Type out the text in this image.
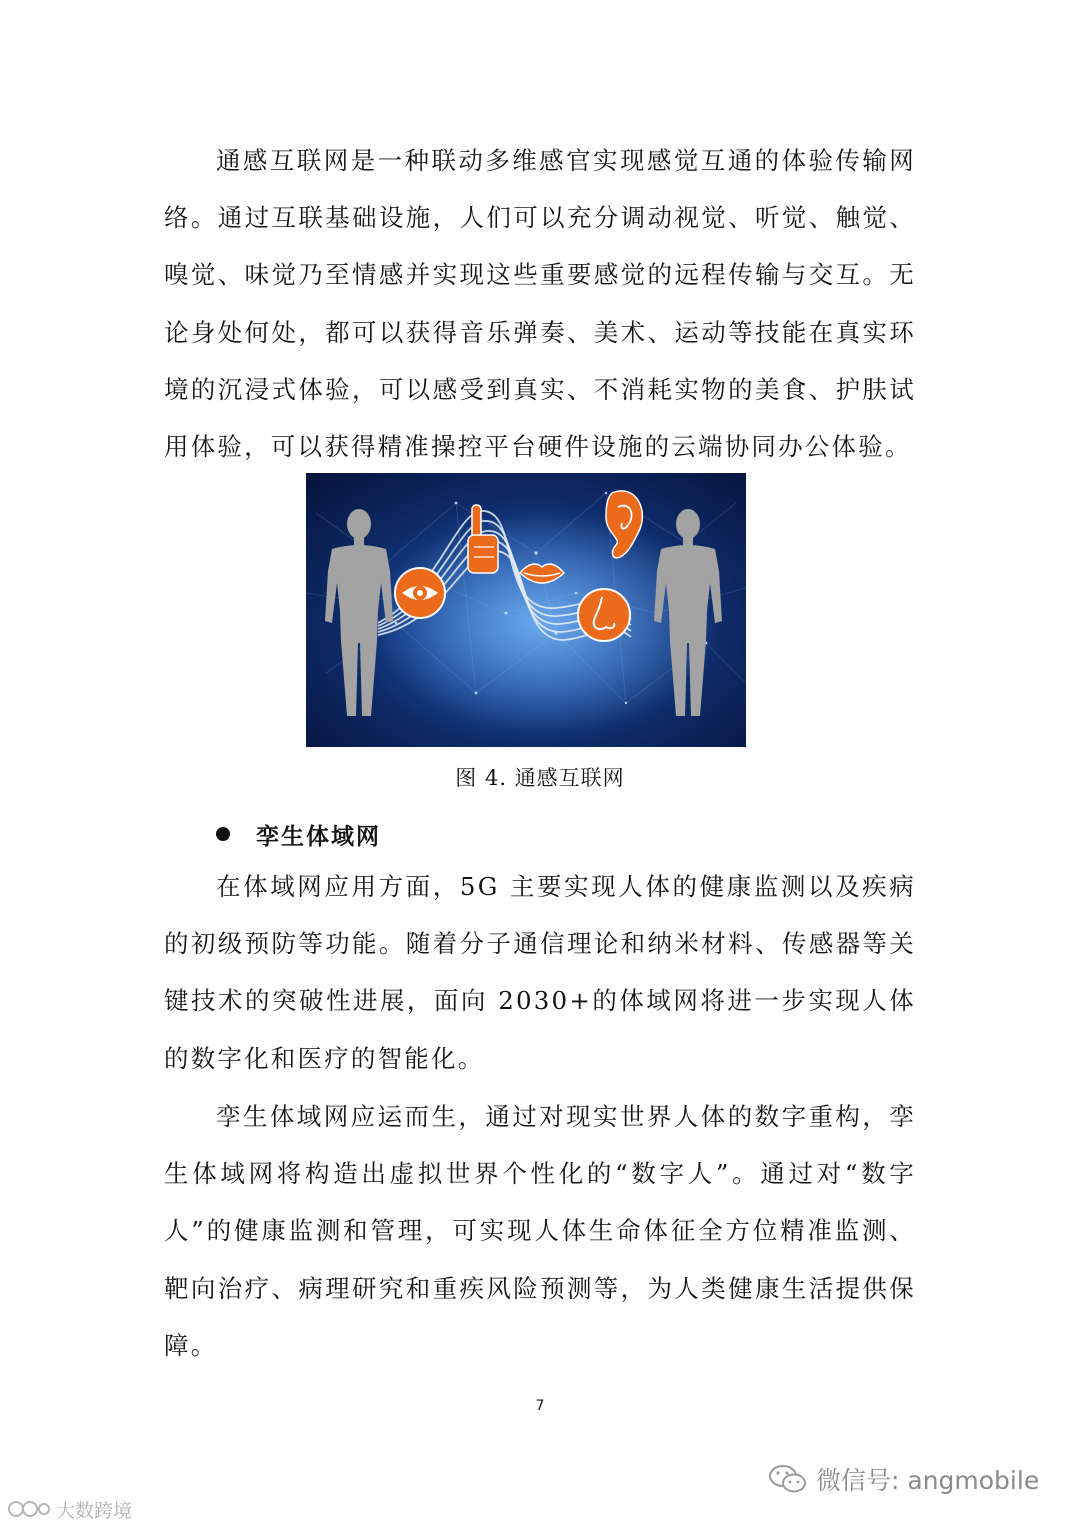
通感互联网是一种联动多维感官实现感觉互通的体验传输网络。通过互联基础设施，人们可以充分调动视觉、听觉、触觉、嗅觉、味觉乃至情感并实现这些重要感觉的远程传输与交互。无论身处何处，都可以获得音乐弹奏、美术、运动等技能在真实环境的沉浸式体验，可以感受到真实、不消耗实物的美食、护肤试用体验，可以获得精准操控平台硬件设施的云端协同办公体验。

图 4. 通感互联网
孪生体域网

在体域网应用方面，5G 主要实现人体的健康监测以及疾病的初级预防等功能。随着分子通信理论和纳米材料、传感器等关键技术的突破性进展，面向 2030+的体域网将进一步实现人体的数字化和医疗的智能化。

孪生体域网应运而生，通过对现实世界人体的数字重构，孪生体域网将构造出虚拟世界个性化的“数字人”。通过对“数字人”的健康监测和管理，可实现人体生命体征全方位精准监测、靶向治疗、病理研究和重疾风险预测等，为人类健康生活提供保障。

7
微信号: angmobile
大数跨境
